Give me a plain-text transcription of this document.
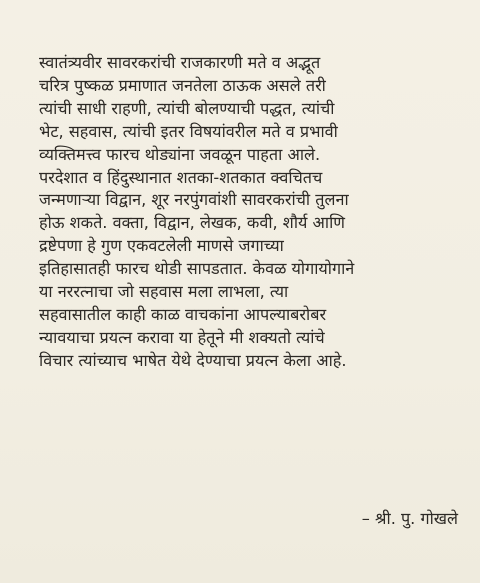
स्वातंत्र्यवीर सावरकरांची राजकारणी मते व अद्भूत
चरित्र पुष्कळ प्रमाणात जनतेला ठाऊक असले तरी
त्यांची साधी राहणी, त्यांची बोलण्याची पद्धत, त्यांची
भेट, सहवास, त्यांची इतर विषयांवरील मते व प्रभावी
व्यक्तिमत्त्व फारच थोड्यांना जवळून पाहता आले.
परदेशात व हिंदुस्थानात शतका-शतकात क्वचितच
जन्मणाऱ्या विद्वान, शूर नरपुंगवांशी सावरकरांची तुलना
होऊ शकते. वक्ता, विद्वान, लेखक, कवी, शौर्य आणि
द्रष्टेपणा हे गुण एकवटलेली माणसे जगाच्या
इतिहासातही फारच थोडी सापडतात. केवळ योगायोगाने
या नररत्नाचा जो सहवास मला लाभला, त्या
सहवासातील काही काळ वाचकांना आपल्याबरोबर
न्यावयाचा प्रयत्न करावा या हेतूने मी शक्यतो त्यांचे
विचार त्यांच्याच भाषेत येथे देण्याचा प्रयत्न केला आहे.

– श्री. पु. गोखले
